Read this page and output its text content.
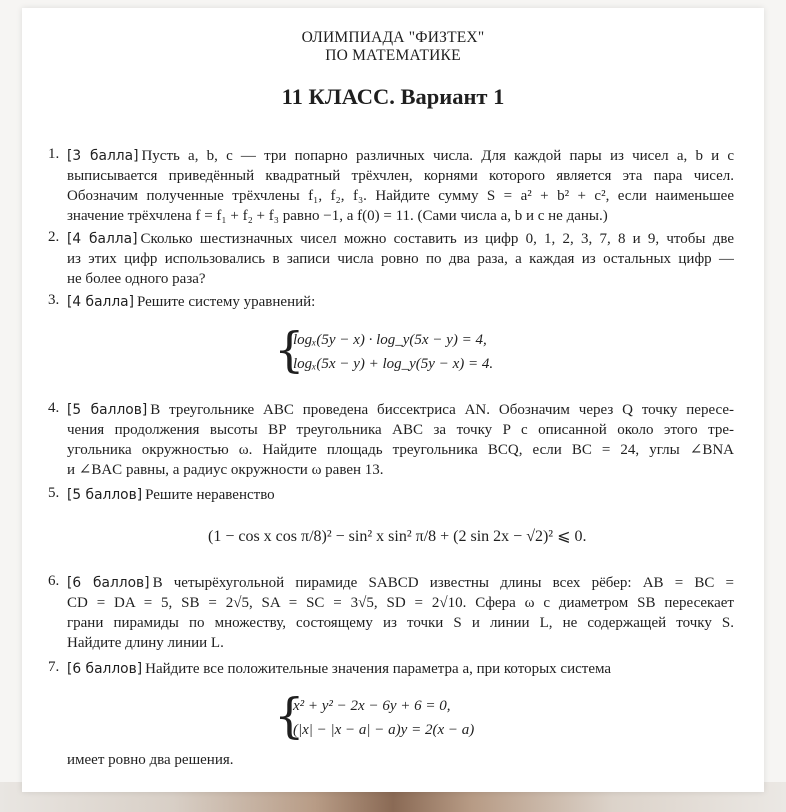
ОЛИМПИАДА "ФИЗТЕХ"
ПО МАТЕМАТИКЕ
11 КЛАСС. Вариант 1
1. [ 3 балла ] Пусть a, b, c — три попарно различных числа. Для каждой пары из чисел a, b и c
выписывается приведённый квадратный трёхчлен, корнями которого является эта пара чисел.
Обозначим полученные трёхчлены f₁, f₂, f₃. Найдите сумму S = a² + b² + c², если наименьшее
значение трёхчлена f = f₁ + f₂ + f₃ равно −1, а f(0) = 11. (Сами числа a, b и c не даны.)
2. [ 4 балла ] Сколько шестизначных чисел можно составить из цифр 0, 1, 2, 3, 7, 8 и 9, чтобы две
из этих цифр использовались в записи числа ровно по два раза, а каждая из остальных цифр —
не более одного раза?
3. [ 4 балла ] Решите систему уравнений:
{
logₓ(5y − x) · log_y(5x − y) = 4,
logₓ(5x − y) + log_y(5y − x) = 4.
4. [ 5 баллов ] В треугольнике ABC проведена биссектриса AN. Обозначим через Q точку пересе-
чения продолжения высоты BP треугольника ABC за точку P с описанной около этого тре-
угольника окружностью ω. Найдите площадь треугольника BCQ, если BC = 24, углы ∠BNA
и ∠BAC равны, а радиус окружности ω равен 13.
5. [ 5 баллов ] Решите неравенство
(1 − cos x cos π/8)² − sin² x sin² π/8 + (2 sin 2x − √2)² ⩽ 0.
6. [ 6 баллов ] В четырёхугольной пирамиде SABCD известны длины всех рёбер: AB = BC =
CD = DA = 5, SB = 2√5, SA = SC = 3√5, SD = 2√10. Сфера ω с диаметром SB пересекает
грани пирамиды по множеству, состоящему из точки S и линии L, не содержащей точку S.
Найдите длину линии L.
7. [ 6 баллов ] Найдите все положительные значения параметра a, при которых система
{
x² + y² − 2x − 6y + 6 = 0,
(|x| − |x − a| − a)y = 2(x − a)
имеет ровно два решения.
